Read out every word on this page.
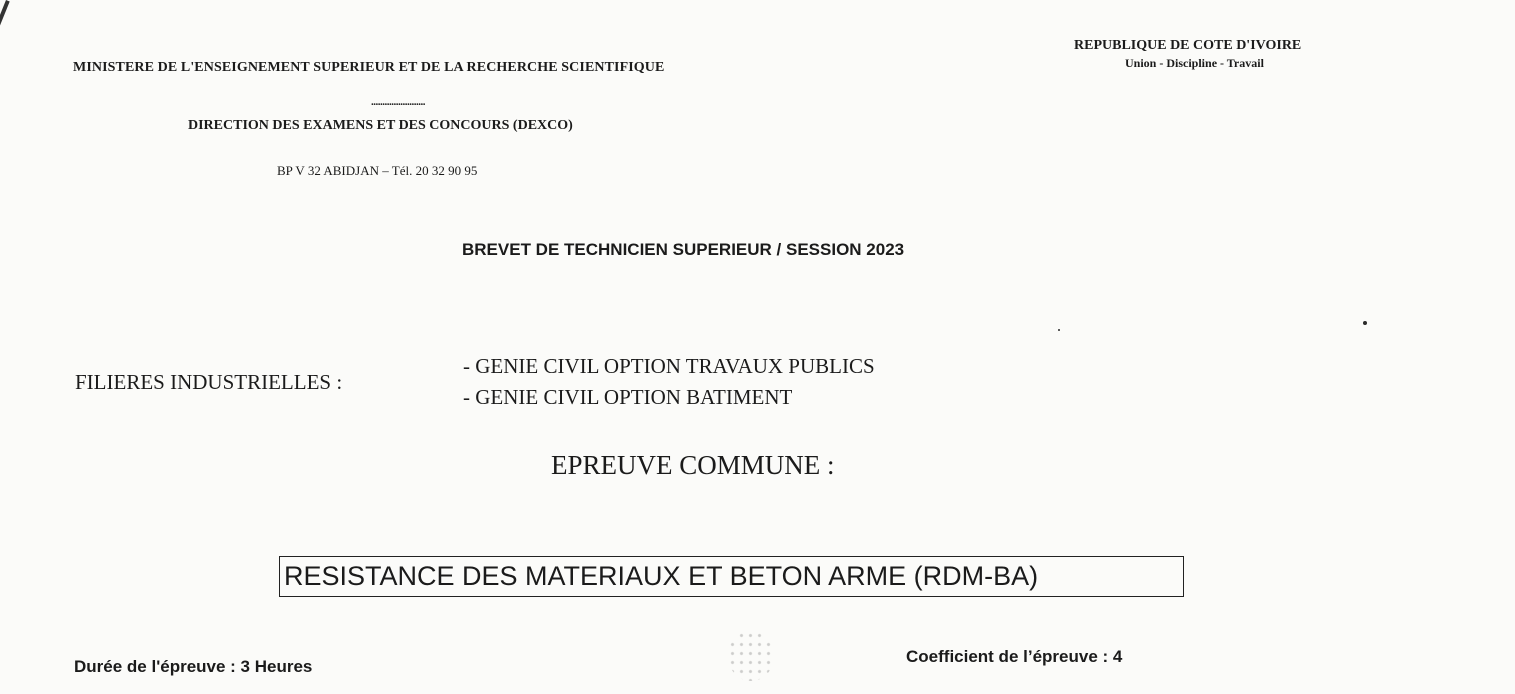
MINISTERE DE L'ENSEIGNEMENT SUPERIEUR ET DE LA RECHERCHE SCIENTIFIQUE
REPUBLIQUE DE COTE D'IVOIRE
Union - Discipline - Travail
........................
DIRECTION DES EXAMENS ET DES CONCOURS (DEXCO)
BP V 32 ABIDJAN – Tél. 20 32 90 95
BREVET DE TECHNICIEN SUPERIEUR / SESSION 2023
FILIERES INDUSTRIELLES :
- GENIE CIVIL OPTION TRAVAUX PUBLICS
- GENIE CIVIL OPTION BATIMENT
EPREUVE COMMUNE :
RESISTANCE DES MATERIAUX ET BETON ARME (RDM-BA)
Durée de l'épreuve : 3 Heures
Coefficient de l’épreuve : 4
